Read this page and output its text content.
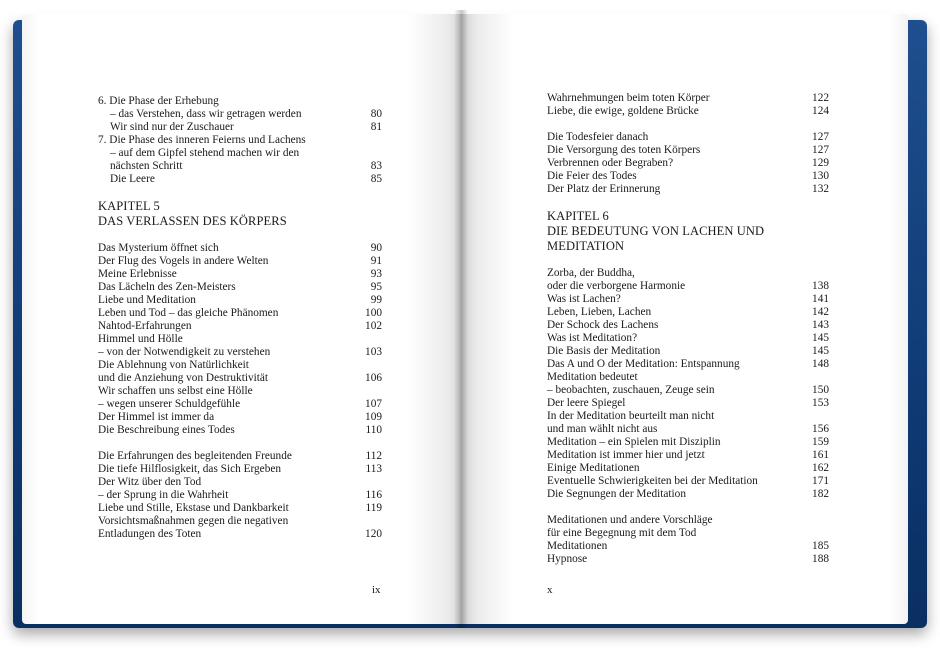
6. Die Phase der Erhebung
– das Verstehen, dass wir getragen werden	80
Wir sind nur der Zuschauer	81
7. Die Phase des inneren Feierns und Lachens
– auf dem Gipfel stehend machen wir den
nächsten Schritt	83
Die Leere	85
KAPITEL 5
DAS VERLASSEN DES KÖRPERS
Das Mysterium öffnet sich	90
Der Flug des Vogels in andere Welten	91
Meine Erlebnisse	93
Das Lächeln des Zen-Meisters	95
Liebe und Meditation	99
Leben und Tod – das gleiche Phänomen	100
Nahtod-Erfahrungen	102
Himmel und Hölle
– von der Notwendigkeit zu verstehen	103
Die Ablehnung von Natürlichkeit
und die Anziehung von Destruktivität	106
Wir schaffen uns selbst eine Hölle
– wegen unserer Schuldgefühle	107
Der Himmel ist immer da	109
Die Beschreibung eines Todes	110
Die Erfahrungen des begleitenden Freunde	112
Die tiefe Hilflosigkeit, das Sich Ergeben	113
Der Witz über den Tod
– der Sprung in die Wahrheit	116
Liebe und Stille, Ekstase und Dankbarkeit	119
Vorsichtsmaßnahmen gegen die negativen
Entladungen des Toten	120
ix
Wahrnehmungen beim toten Körper	122
Liebe, die ewige, goldene Brücke	124
Die Todesfeier danach	127
Die Versorgung des toten Körpers	127
Verbrennen oder Begraben?	129
Die Feier des Todes	130
Der Platz der Erinnerung	132
KAPITEL 6
DIE BEDEUTUNG VON LACHEN UND MEDITATION
Zorba, der Buddha,
oder die verborgene Harmonie	138
Was ist Lachen?	141
Leben, Lieben, Lachen	142
Der Schock des Lachens	143
Was ist Meditation?	145
Die Basis der Meditation	145
Das A und O der Meditation: Entspannung	148
Meditation bedeutet
– beobachten, zuschauen, Zeuge sein	150
Der leere Spiegel	153
In der Meditation beurteilt man nicht
und man wählt nicht aus	156
Meditation – ein Spielen mit Disziplin	159
Meditation ist immer hier und jetzt	161
Einige Meditationen	162
Eventuelle Schwierigkeiten bei der Meditation	171
Die Segnungen der Meditation	182
Meditationen und andere Vorschläge
für eine Begegnung mit dem Tod
Meditationen	185
Hypnose	188
x
